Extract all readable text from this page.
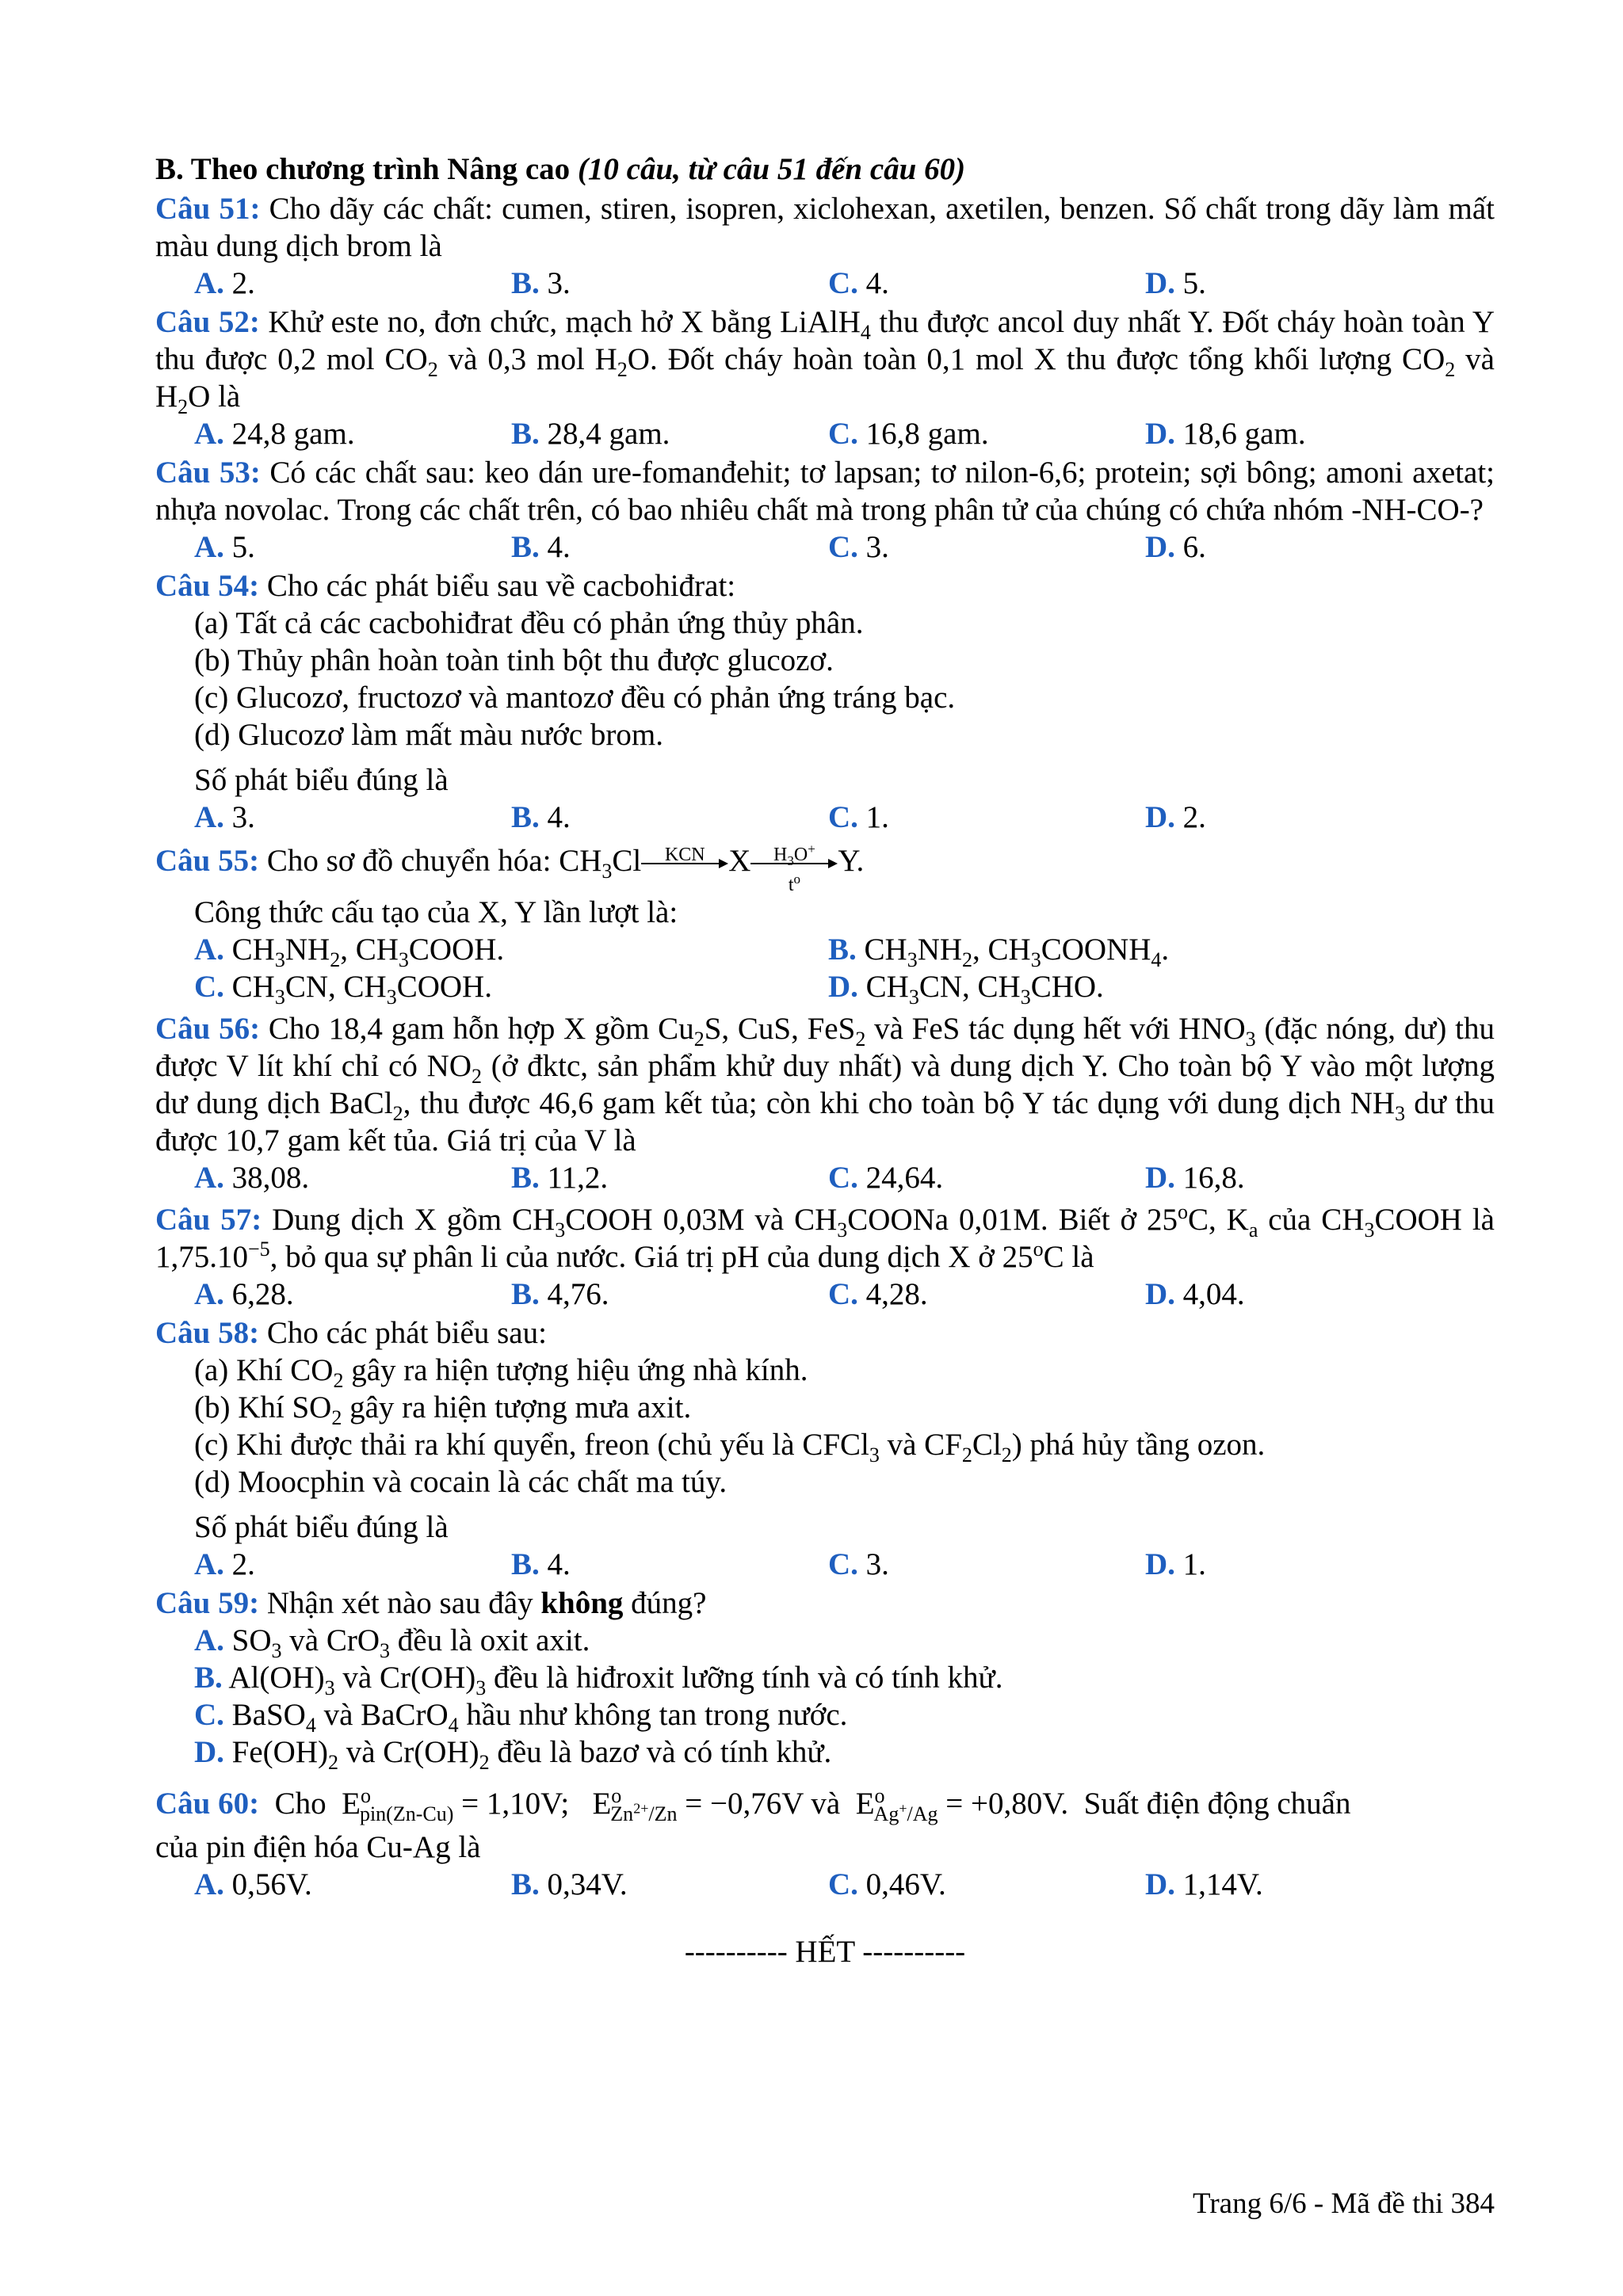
B. Theo chương trình Nâng cao (10 câu, từ câu 51 đến câu 60)
Câu 51: Cho dãy các chất: cumen, stiren, isopren, xiclohexan, axetilen, benzen. Số chất trong dãy làm mất màu dung dịch brom là
A. 2.	B. 3.	C. 4.	D. 5.
Câu 52: Khử este no, đơn chức, mạch hở X bằng LiAlH$_4$ thu được ancol duy nhất Y. Đốt cháy hoàn toàn Y thu được 0,2 mol $CO_2$ và 0,3 mol $H_2O$. Đốt cháy hoàn toàn 0,1 mol X thu được tổng khối lượng $CO_2$ và $H_2O$ là
A. 24,8 gam.	B. 28,4 gam.	C. 16,8 gam.	D. 18,6 gam.
Câu 53: Có các chất sau: keo dán ure-fomanđehit; tơ lapsan; tơ nilon-6,6; protein; sợi bông; amoni axetat; nhựa novolac. Trong các chất trên, có bao nhiêu chất mà trong phân tử của chúng có chứa nhóm -NH-CO-?
A. 5.	B. 4.	C. 3.	D. 6.
Câu 54: Cho các phát biểu sau về cacbohiđrat:
(a) Tất cả các cacbohiđrat đều có phản ứng thủy phân.
(b) Thủy phân hoàn toàn tinh bột thu được glucozơ.
(c) Glucozơ, fructozơ và mantozơ đều có phản ứng tráng bạc.
(d) Glucozơ làm mất màu nước brom.
Số phát biểu đúng là
A. 3.	B. 4.	C. 1.	D. 2.
Câu 55: Cho sơ đồ chuyển hóa: $CH_3Cl$	KCN X	$H_3O^+$
$t^o$
Y.
Công thức cấu tạo của X, Y lần lượt là:
A. $CH_3NH_2$, $CH_3COOH$.	B. $CH_3NH_2$, $CH_3COONH_4$.
C. $CH_3CN$, $CH_3COOH$.	D. $CH_3CN$, $CH_3CHO$.
Câu 56: Cho 18,4 gam hỗn hợp X gồm $Cu_2S$, CuS, FeS$_2$ và FeS tác dụng hết với $HNO_3$ (đặc nóng, dư) thu được V lít khí chỉ có $NO_2$ (ở đktc, sản phẩm khử duy nhất) và dung dịch Y. Cho toàn bộ Y vào một lượng dư dung dịch BaCl$_2$, thu được 46,6 gam kết tủa; còn khi cho toàn bộ Y tác dụng với dung dịch $NH_3$ dư thu được 10,7 gam kết tủa. Giá trị của V là
A. 38,08.	B. 11,2.	C. 24,64.	D. 16,8.
Câu 57: Dung dịch X gồm $CH_3COOH$ 0,03M và $CH_3COONa$ 0,01M. Biết ở 25$^o$C, $K_a$ của $CH_3COOH$ là $1,75.10^{-5}$, bỏ qua sự phân li của nước. Giá trị pH của dung dịch X ở 25$^o$C là
A. 6,28.	B. 4,76.	C. 4,28.	D. 4,04.
Câu 58: Cho các phát biểu sau:
(a) Khí $CO_2$ gây ra hiện tượng hiệu ứng nhà kính.
(b) Khí $SO_2$ gây ra hiện tượng mưa axit.
(c) Khi được thải ra khí quyển, freon (chủ yếu là CFCl$_3$ và $CF_2Cl_2$) phá hủy tầng ozon.
(d) Moocphin và cocain là các chất ma túy.
Số phát biểu đúng là
A. 2.	B. 4.	C. 3.	D. 1.
Câu 59: Nhận xét nào sau đây không đúng?
A. $SO_3$ và CrO$_3$ đều là oxit axit.
B. $Al(OH)_3$ và $Cr(OH)_3$ đều là hiđroxit lưỡng tính và có tính khử.
C. BaSO$_4$ và BaCrO$_4$ hầu như không tan trong nước.
D. $Fe(OH)_2$ và $Cr(OH)_2$ đều là bazơ và có tính khử.
Câu 60:  Cho  $E^o_{pin(Zn-Cu)} = 1,10V$;   $E^o_{Zn^{2+}/Zn} = -0,76V$ và  $E^o_{Ag^+/Ag} = +0,80V$.  Suất điện động chuẩn
của pin điện hóa Cu-Ag là
A. 0,56V.	B. 0,34V.	C. 0,46V.	D. 1,14V.
---------- HẾT ----------
Trang 6/6 - Mã đề thi 384
